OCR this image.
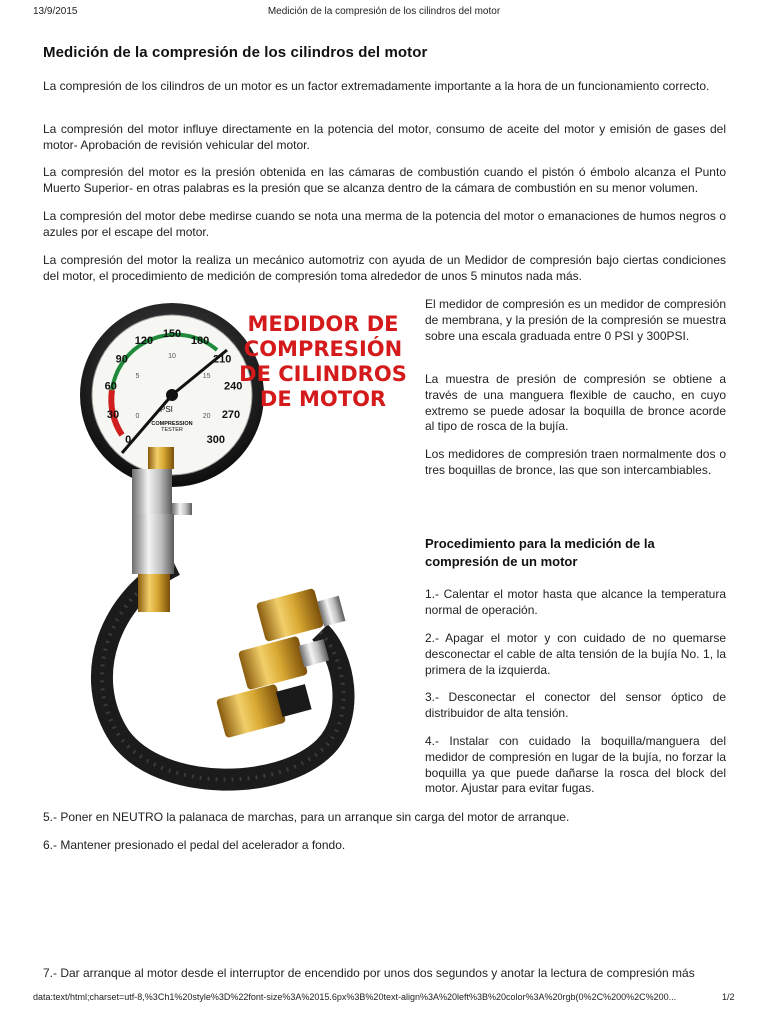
13/9/2015	Medición de la compresión de los cilindros del motor
Medición de la compresión de los cilindros del motor

La compresión de los cilindros de un motor es un factor extremadamente importante a la hora de un funcionamiento correcto.

La compresión del motor influye directamente en la potencia del motor, consumo de aceite del motor y emisión de gases del motor- Aprobación de revisión vehicular del motor.

La compresión del motor es la presión obtenida en las cámaras de combustión cuando el pistón ó émbolo alcanza el Punto Muerto Superior- en otras palabras es la presión que se alcanza dentro de la cámara de combustión en su menor volumen.

La compresión del motor debe medirse cuando se nota una merma de la potencia del motor o emanaciones de humos negros o azules por el escape del motor.

La compresión del motor la realiza un mecánico automotriz con ayuda de un Medidor de compresión bajo ciertas condiciones del motor, el procedimiento de medición de compresión toma alrededor de unos 5 minutos nada más.

0
30
60
90
120
150
180
210
240
270
300
0
5
10
15
20
PSI
COMPRESSION
TESTER
MEDIDOR DE
COMPRESIÓN
DE CILINDROS
DE MOTOR

El medidor de compresión es un medidor de compresión de membrana, y la presión de la compresión se muestra sobre una escala graduada entre 0 PSI y 300PSI.

La muestra de presión de compresión se obtiene a través de una manguera flexible de caucho, en cuyo extremo se puede adosar la boquilla de bronce acorde al tipo de rosca de la bujía.

Los medidores de compresión traen normalmente dos o tres boquillas de bronce, las que son intercambiables.

Procedimiento para la medición de la compresión de un motor

1.- Calentar el motor hasta que alcance la temperatura normal de operación.

2.- Apagar el motor y con cuidado de no quemarse desconectar el cable de alta tensión de la bujía No. 1, la primera de la izquierda.

3.- Desconectar el conector del sensor óptico de distribuidor de alta tensión.

4.- Instalar con cuidado la boquilla/manguera del medidor de compresión en lugar de la bujía, no forzar la boquilla ya que puede dañarse la rosca del block del motor. Ajustar para evitar fugas.

5.- Poner en NEUTRO la palanaca de marchas, para un arranque sin carga del motor de arranque.

6.- Mantener presionado el pedal del acelerador a fondo.

7.- Dar arranque al motor desde el interruptor de encendido por unos dos segundos y anotar la lectura de compresión más

data:text/html;charset=utf-8,%3Ch1%20style%3D%22font-size%3A%2015.6px%3B%20text-align%3A%20left%3B%20color%3A%20rgb(0%2C%200%2C%200...	1/2
